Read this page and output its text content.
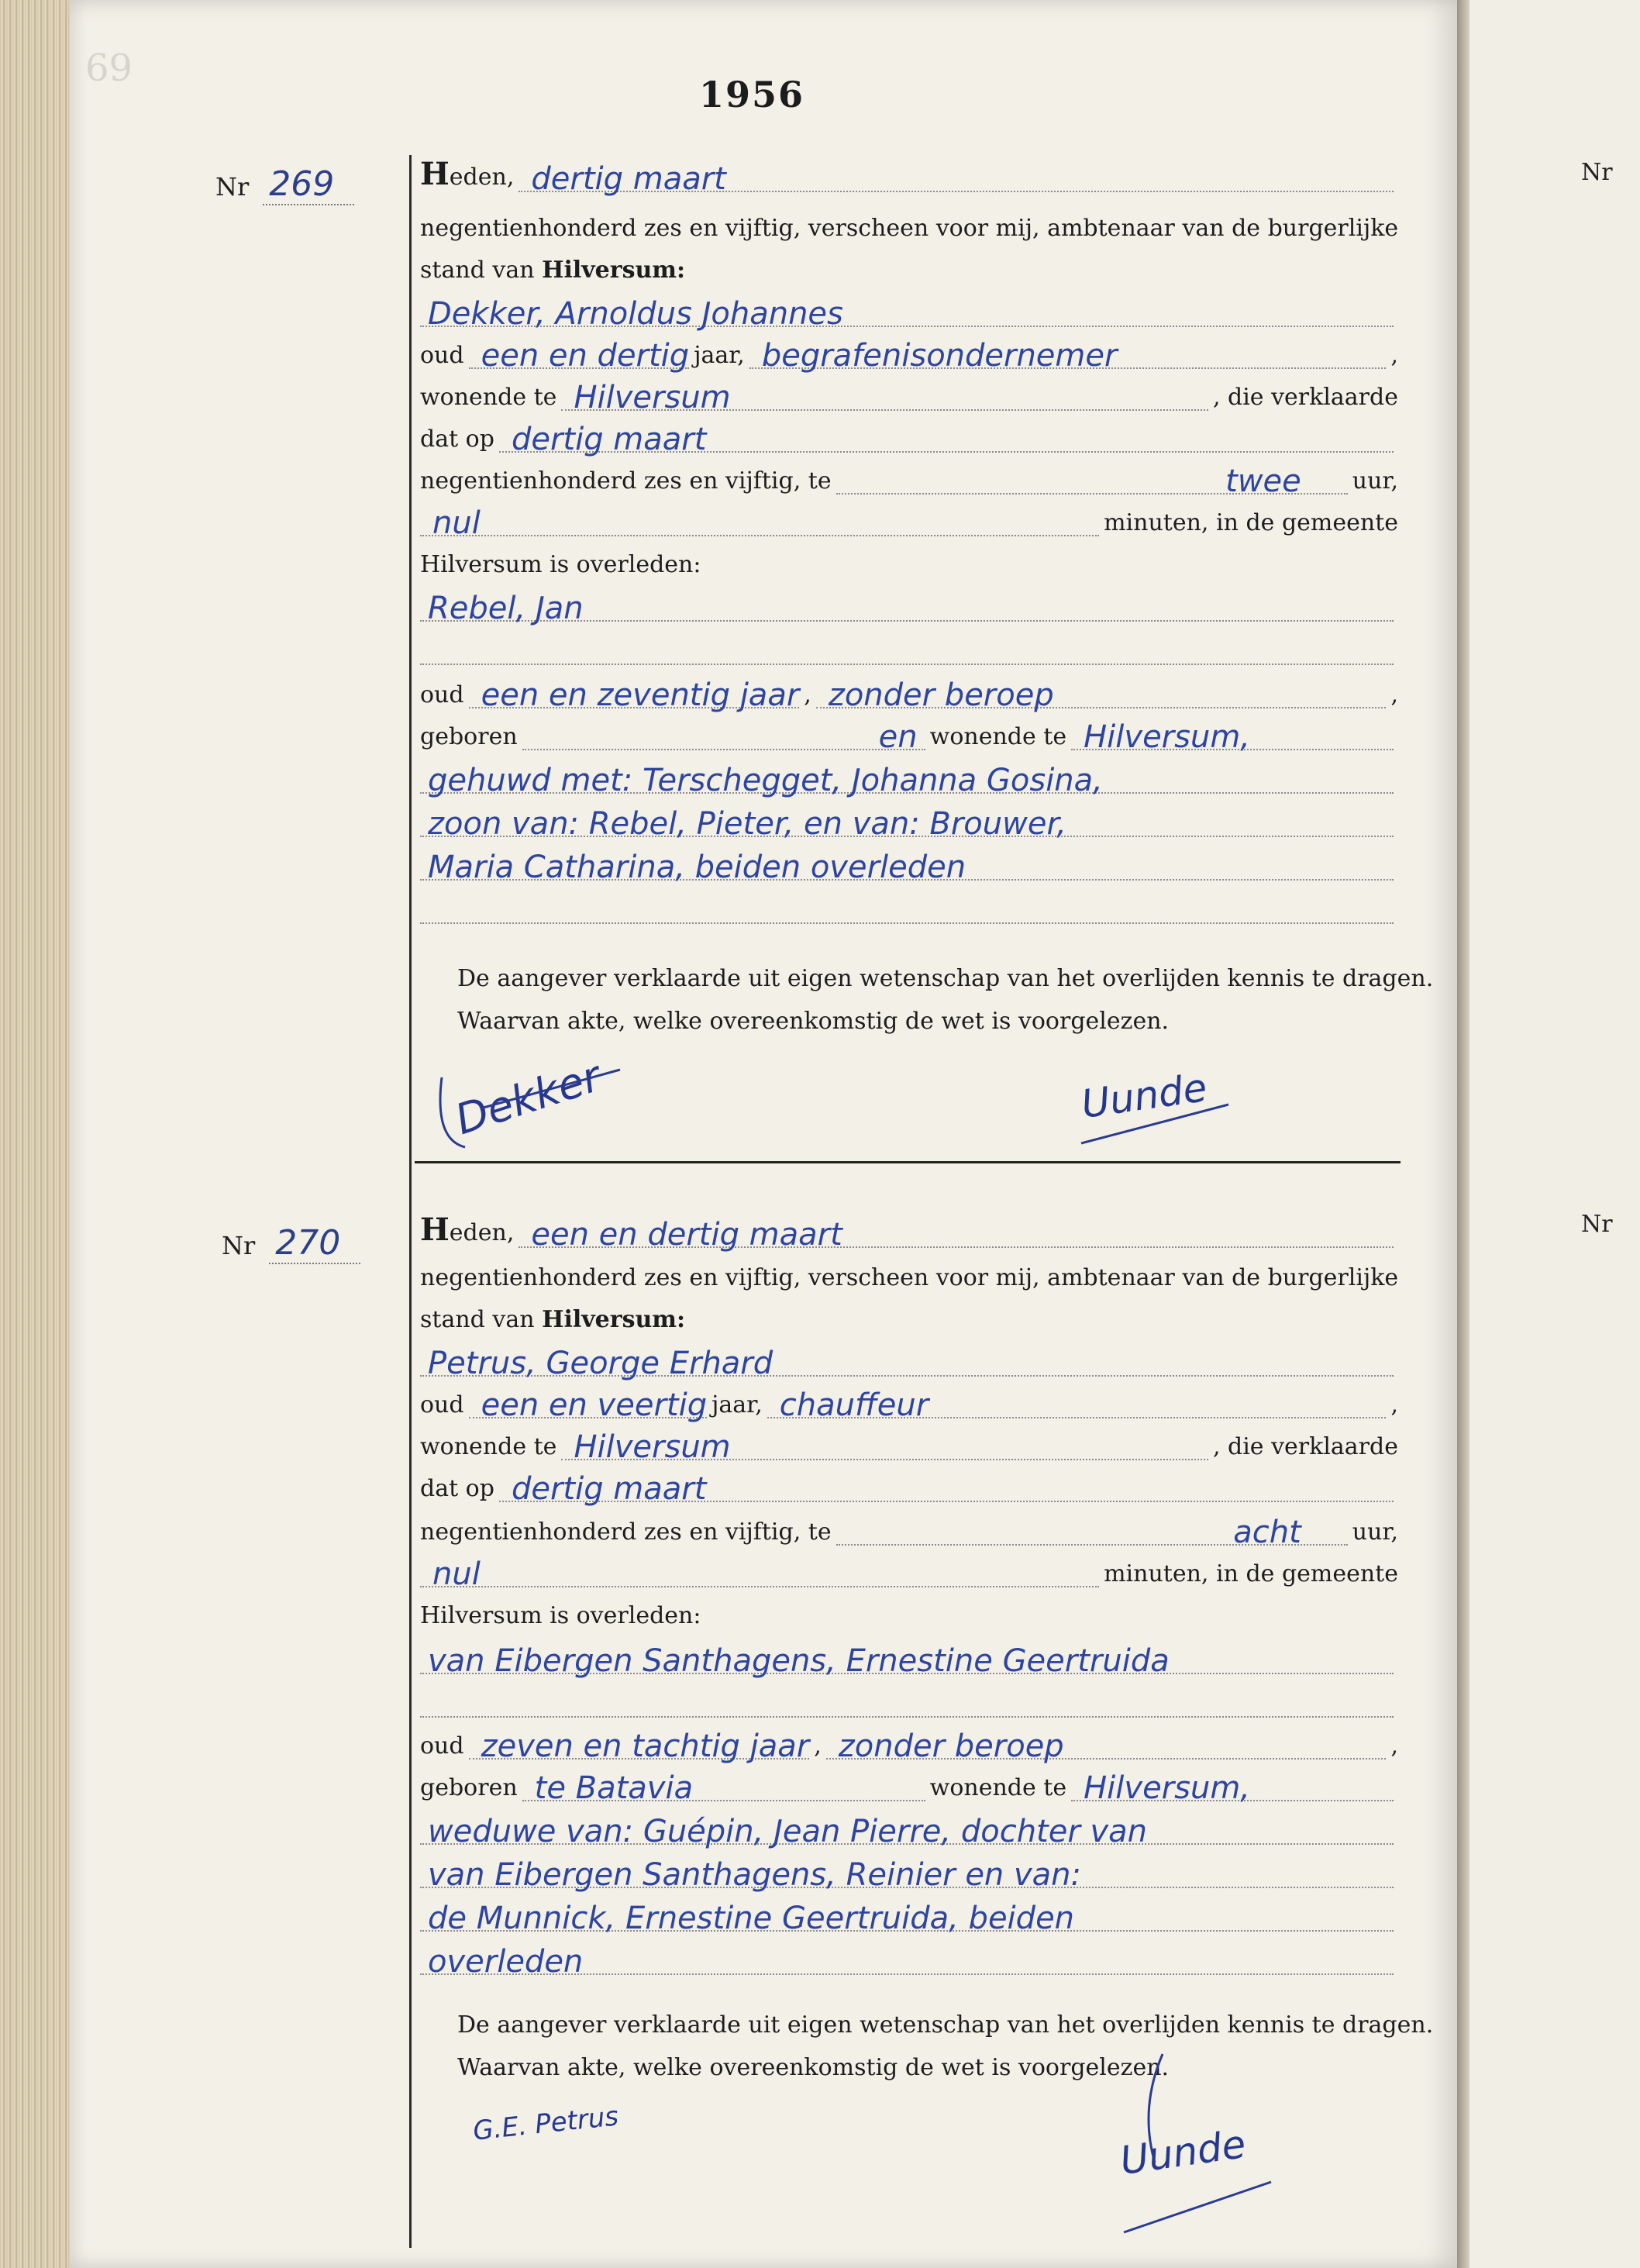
69
Nr
Nr
1956
Nr 269	Heden, dertig maart
negentienhonderd zes en vijftig, verscheen voor mij, ambtenaar van de burgerlijke
stand van
Hilversum:
Dekker, Arnoldus Johannes
oud een en dertig jaar, begrafenisondernemer	,
wonende te Hilversum	, die verklaarde
dat op dertig maart
negentienhonderd zes en vijftig, te	twee uur,
nul	minuten, in de gemeente
Hilversum is overleden:
Rebel, Jan
oud een en zeventig jaar , zonder beroep	,
geboren	en wonende te Hilversum,
gehuwd met: Terschegget, Johanna Gosina,
zoon van: Rebel, Pieter, en van: Brouwer,
Maria Catharina, beiden overleden
De aangever verklaarde uit eigen wetenschap van het overlijden kennis te dragen.
Waarvan akte, welke overeenkomstig de wet is voorgelezen.
Dekker	Uunde
Nr 270	Heden, een en dertig maart
negentienhonderd zes en vijftig, verscheen voor mij, ambtenaar van de burgerlijke
stand van
Hilversum:
Petrus, George Erhard
oud een en veertig jaar, chauffeur	,
wonende te Hilversum	, die verklaarde
dat op dertig maart
negentienhonderd zes en vijftig, te	acht uur,
nul	minuten, in de gemeente
Hilversum is overleden:
van Eibergen Santhagens, Ernestine Geertruida
oud zeven en tachtig jaar , zonder beroep	,
geboren te Batavia	wonende te Hilversum,
weduwe van: Guépin, Jean Pierre, dochter van
van Eibergen Santhagens, Reinier en van:
de Munnick, Ernestine Geertruida, beiden
overleden
De aangever verklaarde uit eigen wetenschap van het overlijden kennis te dragen.
Waarvan akte, welke overeenkomstig de wet is voorgelezen.
G.E. Petrus	Uunde
